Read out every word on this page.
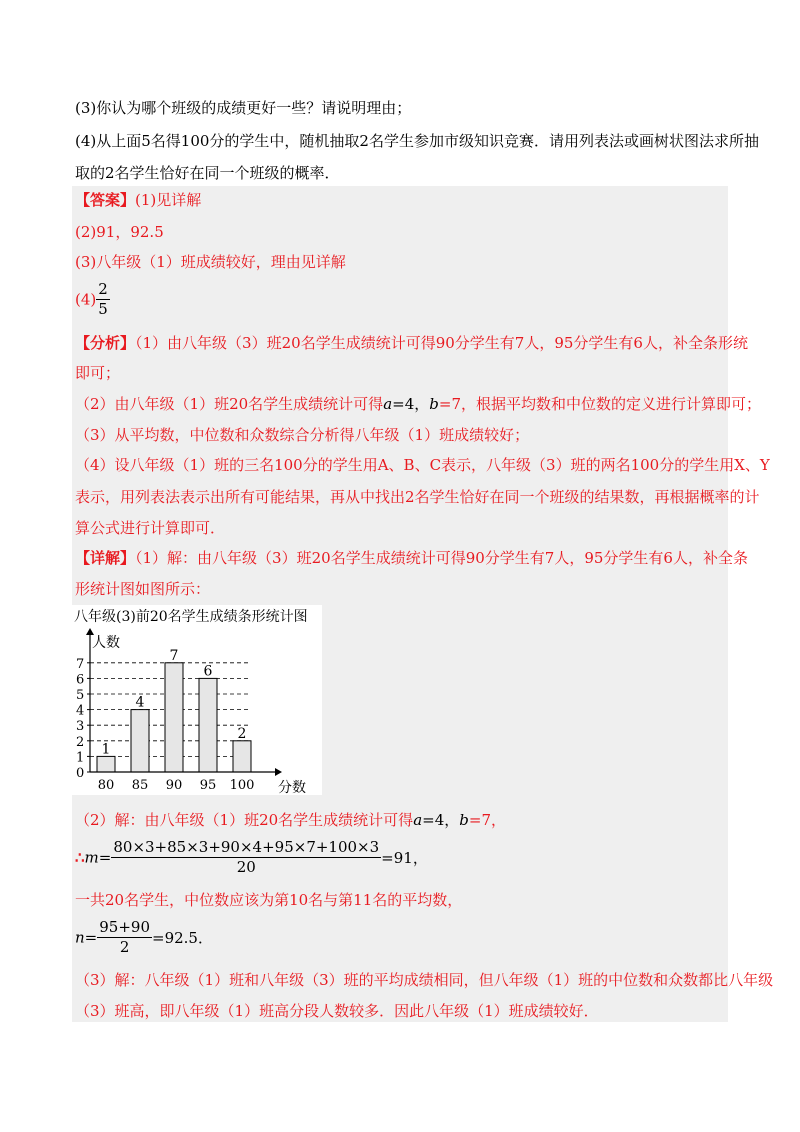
(3)你认为哪个班级的成绩更好一些？请说明理由；
(4)从上面5名得100分的学生中，随机抽取2名学生参加市级知识竞赛．请用列表法或画树状图法求所抽
取的2名学生恰好在同一个班级的概率．
【答案】(1)见详解
(2)91，92.5
(3)八年级（1）班成绩较好，理由见详解
$(4) \frac{2}{5}$
【分析】（1）由八年级（3）班20名学生成绩统计可得90分学生有7人，95分学生有6人，补全条形统
即可；
（2）由八年级（1）班20名学生成绩统计可得a=4，b=7，根据平均数和中位数的定义进行计算即可；
（3）从平均数，中位数和众数综合分析得八年级（1）班成绩较好；
（4）设八年级（1）班的三名100分的学生用A、B、C表示，八年级（3）班的两名100分的学生用X、Y
表示，用列表法表示出所有可能结果，再从中找出2名学生恰好在同一个班级的结果数，再根据概率的计
算公式进行计算即可．
【详解】（1）解：由八年级（3）班20名学生成绩统计可得90分学生有7人，95分学生有6人，补全条
形统计图如图所示：
八年级(3)前20名学生成绩条形统计图
1
4
7
6
2
0
1
2
3
4
5
6
7
80 85 90 95 100
人数
分数
（2）解：由八年级（1）班20名学生成绩统计可得a=4，b=7，
∴m= $\frac{80\times 3+85\times 3+90\times 4+95\times 7+100\times 3}{20} =91$，
一共20名学生，中位数应该为第10名与第11名的平均数，
$n= \frac{95+90}{2} =92.5$．
（3）解：八年级（1）班和八年级（3）班的平均成绩相同，但八年级（1）班的中位数和众数都比八年级
（3）班高，即八年级（1）班高分段人数较多．因此八年级（1）班成绩较好．
